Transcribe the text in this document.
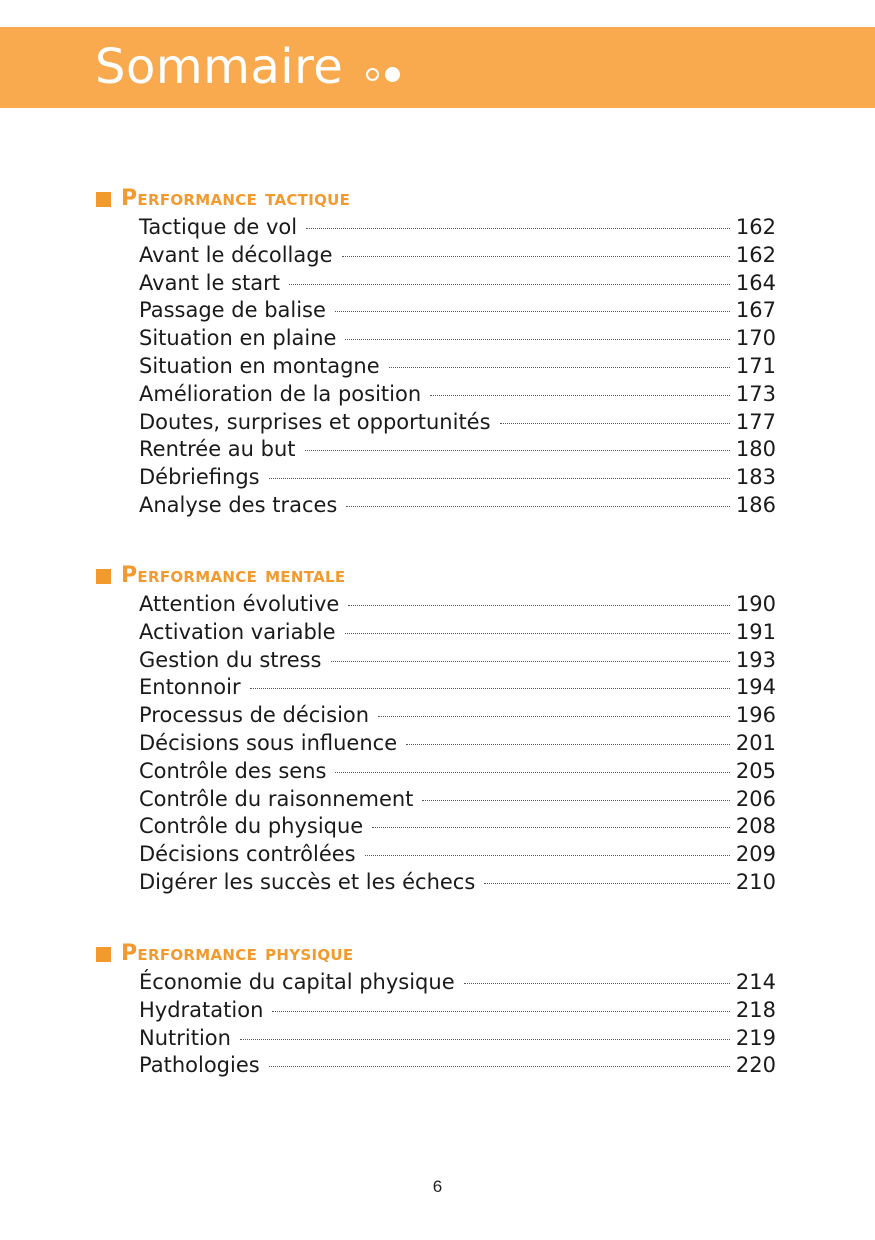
Sommaire
Performance tactique
Tactique de vol	162
Avant le décollage	162
Avant le start	164
Passage de balise	167
Situation en plaine	170
Situation en montagne	171
Amélioration de la position	173
Doutes, surprises et opportunités	177
Rentrée au but	180
Débriefings	183
Analyse des traces	186
Performance mentale
Attention évolutive	190
Activation variable	191
Gestion du stress	193
Entonnoir	194
Processus de décision	196
Décisions sous influence	201
Contrôle des sens	205
Contrôle du raisonnement	206
Contrôle du physique	208
Décisions contrôlées	209
Digérer les succès et les échecs	210
Performance physique
Économie du capital physique	214
Hydratation	218
Nutrition	219
Pathologies	220
6
